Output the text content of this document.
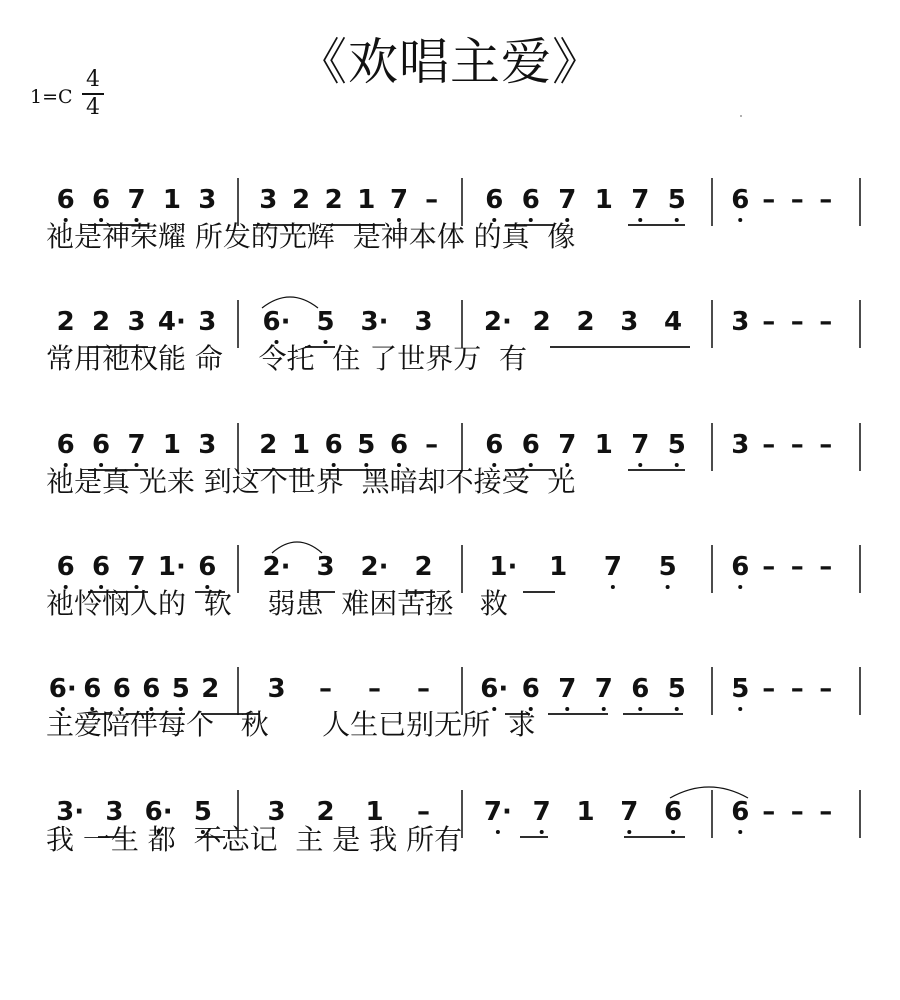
《欢唱主爱》
1=C
4
4
6 6 7 1 3 3 2 2 1 7 – 6 6 7 1 7 5 6 – – –
2 2 3 4· 3 6· 5 3· 3 2· 2 2 3 4 3 – – –
6 6 7 1 3 2 1 6 5 6 – 6 6 7 1 7 5 3 – – –
6 6 7 1· 6 2· 3 2· 2 1· 1 7 5 6 – – –
6· 6 6 6 5 2 3 – – – 6· 6 7 7 6 5 5 – – –
3· 3 6· 5 3 2 1 – 7· 7 1 7 6 6 – – –
祂是神荣耀 所发的光辉  是神本体 的真  像
常用祂权能 命    令托  住 了世界万  有
祂是真 光来 到这个世界  黑暗却不接受  光
祂怜悯人的  软    弱患  难困苦拯   救
主爱陪伴每个   秋      人生已别无所  求
我 一生 都  不忘记  主 是 我 所有
